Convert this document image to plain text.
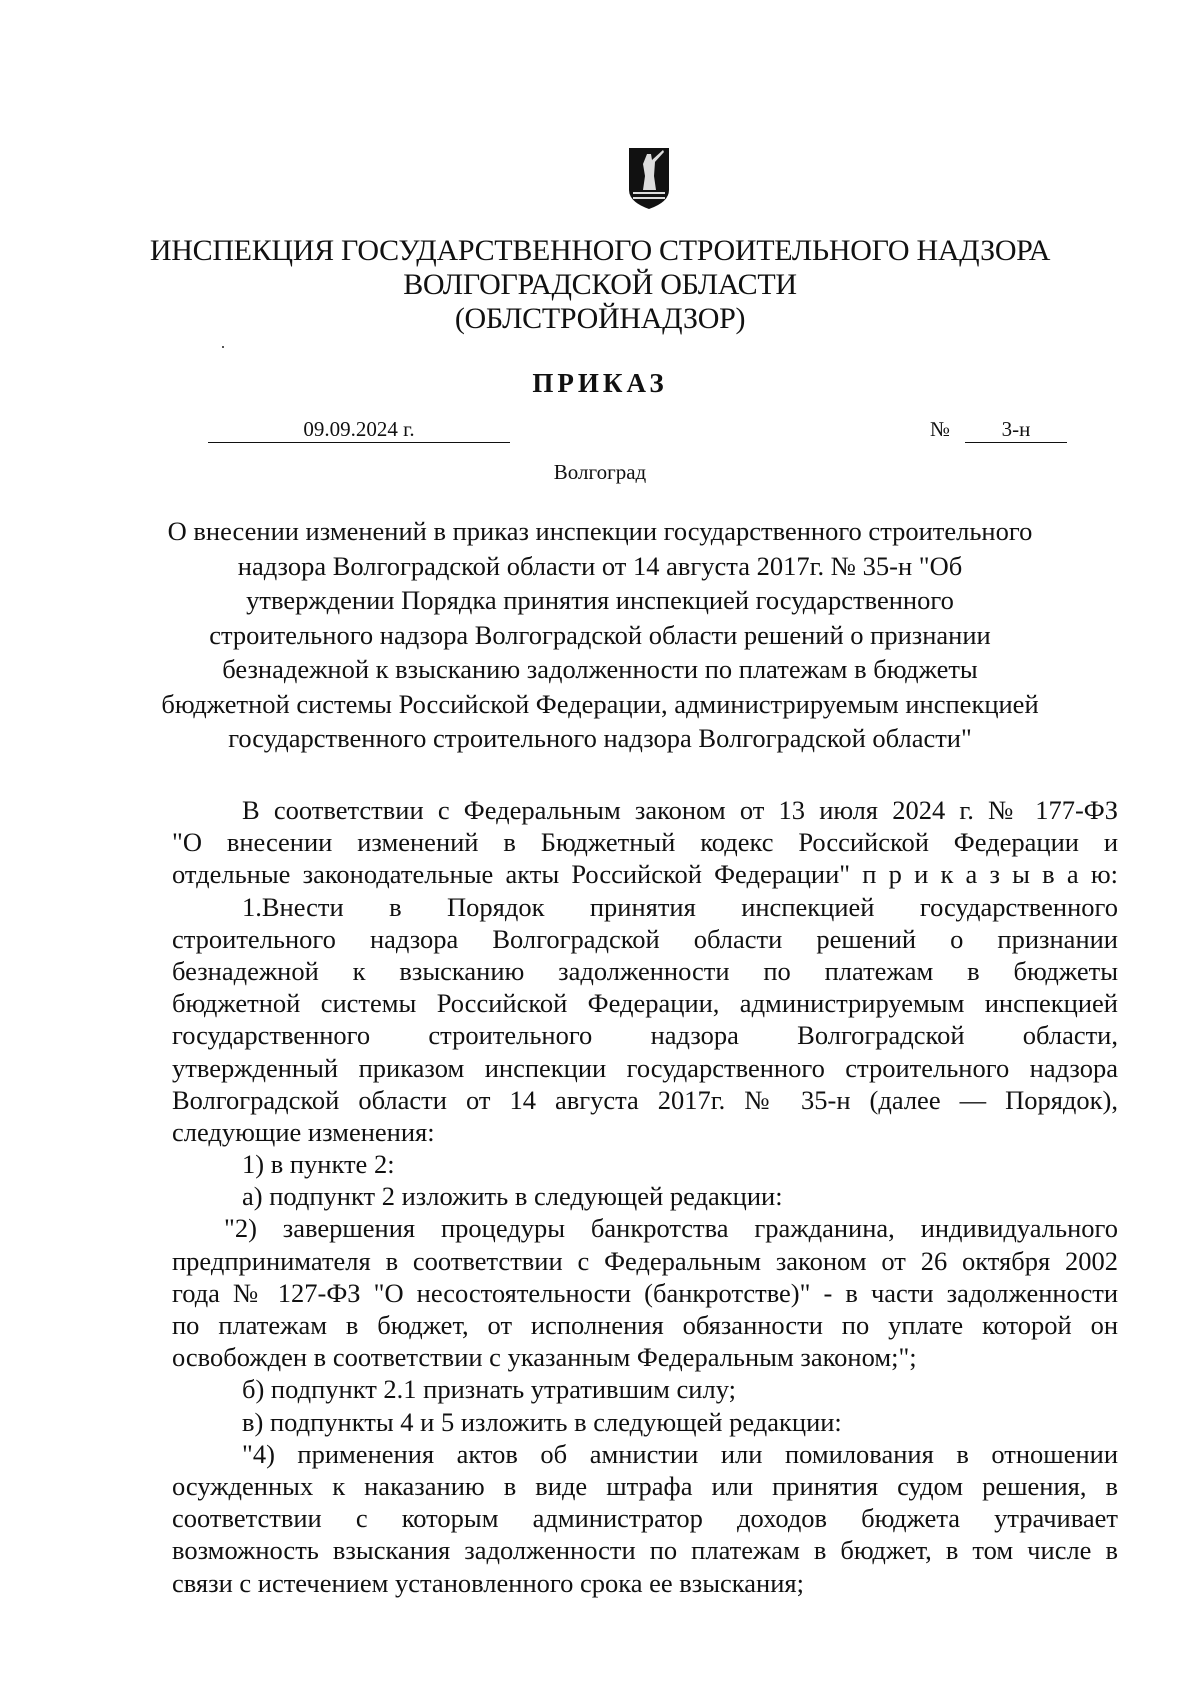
ИНСПЕКЦИЯ ГОСУДАРСТВЕННОГО СТРОИТЕЛЬНОГО НАДЗОРА
ВОЛГОГРАДСКОЙ ОБЛАСТИ
(ОБЛСТРОЙНАДЗОР)
ПРИКАЗ
09.09.2024 г.	№	3-н
Волгоград
О внесении изменений в приказ инспекции государственного строительного
надзора Волгоградской области от 14 августа 2017г. № 35-н "Об
утверждении Порядка принятия инспекцией государственного
строительного надзора Волгоградской области решений о признании
безнадежной к взысканию задолженности по платежам в бюджеты
бюджетной системы Российской Федерации, администрируемым инспекцией
государственного строительного надзора Волгоградской области"
В соответствии с Федеральным законом от 13 июля 2024 г. № 177-ФЗ
"О внесении изменений в Бюджетный кодекс Российской Федерации и
отдельные законодательные акты Российской Федерации" п р и к а з ы в а ю:
1.Внести в Порядок принятия инспекцией государственного
строительного надзора Волгоградской области решений о признании
безнадежной к взысканию задолженности по платежам в бюджеты
бюджетной системы Российской Федерации, администрируемым инспекцией
государственного строительного надзора Волгоградской области,
утвержденный приказом инспекции государственного строительного надзора
Волгоградской области от 14 августа 2017г. № 35-н (далее — Порядок),
следующие изменения:
1) в пункте 2:
а) подпункт 2 изложить в следующей редакции:
"2) завершения процедуры банкротства гражданина, индивидуального
предпринимателя в соответствии с Федеральным законом от 26 октября 2002
года № 127-ФЗ "О несостоятельности (банкротстве)" - в части задолженности
по платежам в бюджет, от исполнения обязанности по уплате которой он
освобожден в соответствии с указанным Федеральным законом;";
б) подпункт 2.1 признать утратившим силу;
в) подпункты 4 и 5 изложить в следующей редакции:
"4) применения актов об амнистии или помилования в отношении
осужденных к наказанию в виде штрафа или принятия судом решения, в
соответствии с которым администратор доходов бюджета утрачивает
возможность взыскания задолженности по платежам в бюджет, в том числе в
связи с истечением установленного срока ее взыскания;
